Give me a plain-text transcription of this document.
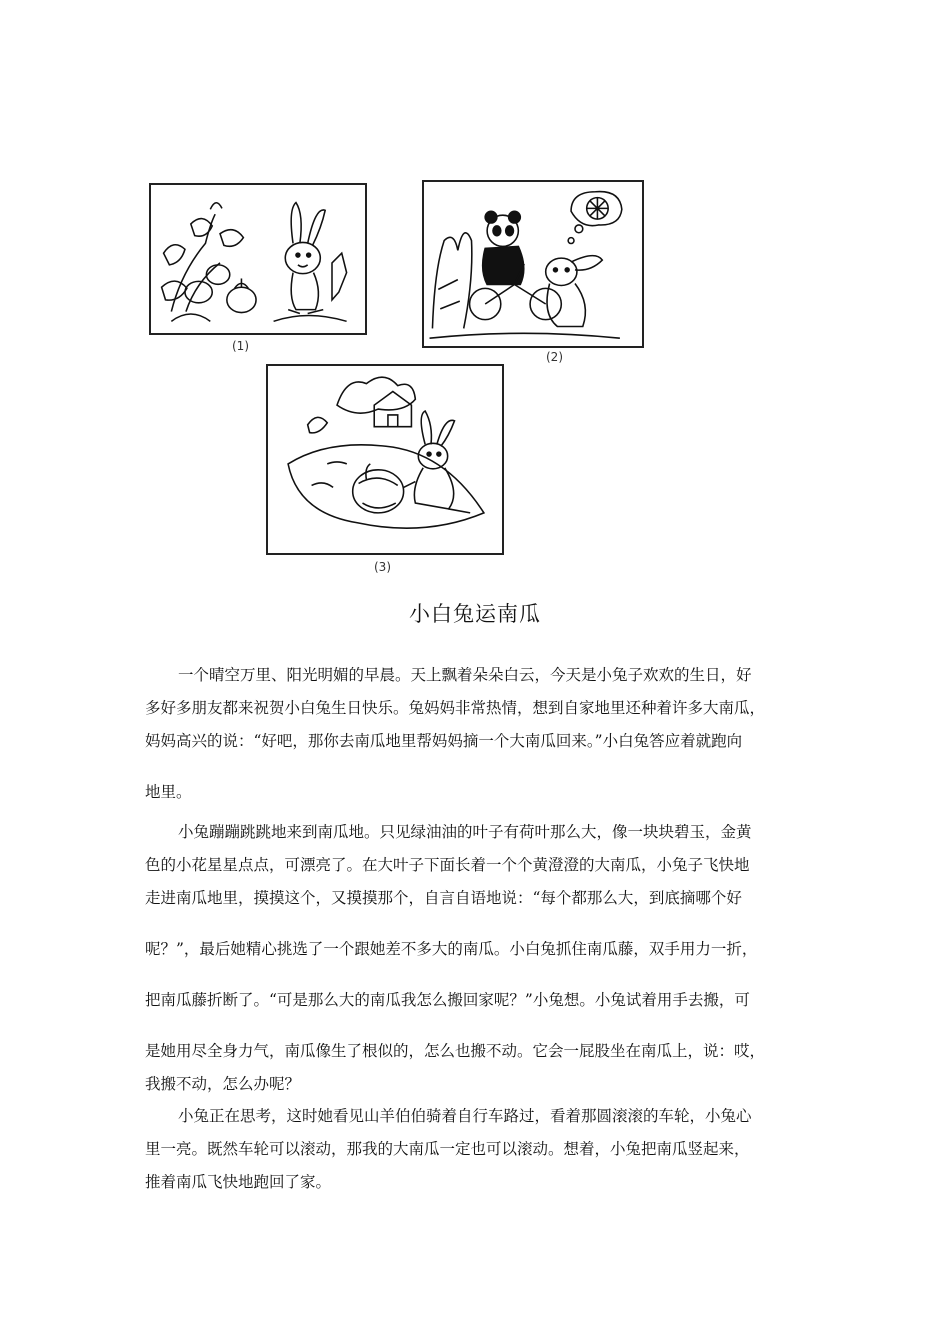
(1)
(2)
(3)
小白兔运南瓜
一个晴空万里、阳光明媚的早晨。天上飘着朵朵白云，今天是小兔子欢欢的生日，好
多好多朋友都来祝贺小白兔生日快乐。兔妈妈非常热情，想到自家地里还种着许多大南瓜，
妈妈高兴的说：“好吧，那你去南瓜地里帮妈妈摘一个大南瓜回来。”小白兔答应着就跑向
地里。
小兔蹦蹦跳跳地来到南瓜地。只见绿油油的叶子有荷叶那么大，像一块块碧玉，金黄
色的小花星星点点，可漂亮了。在大叶子下面长着一个个黄澄澄的大南瓜，小兔子飞快地
走进南瓜地里，摸摸这个，又摸摸那个，自言自语地说：“每个都那么大，到底摘哪个好
呢？”，最后她精心挑选了一个跟她差不多大的南瓜。小白兔抓住南瓜藤，双手用力一折，
把南瓜藤折断了。“可是那么大的南瓜我怎么搬回家呢？”小兔想。小兔试着用手去搬，可
是她用尽全身力气，南瓜像生了根似的，怎么也搬不动。它会一屁股坐在南瓜上，说：哎，
我搬不动，怎么办呢？
小兔正在思考，这时她看见山羊伯伯骑着自行车路过，看着那圆滚滚的车轮，小兔心
里一亮。既然车轮可以滚动，那我的大南瓜一定也可以滚动。想着，小兔把南瓜竖起来，
推着南瓜飞快地跑回了家。
